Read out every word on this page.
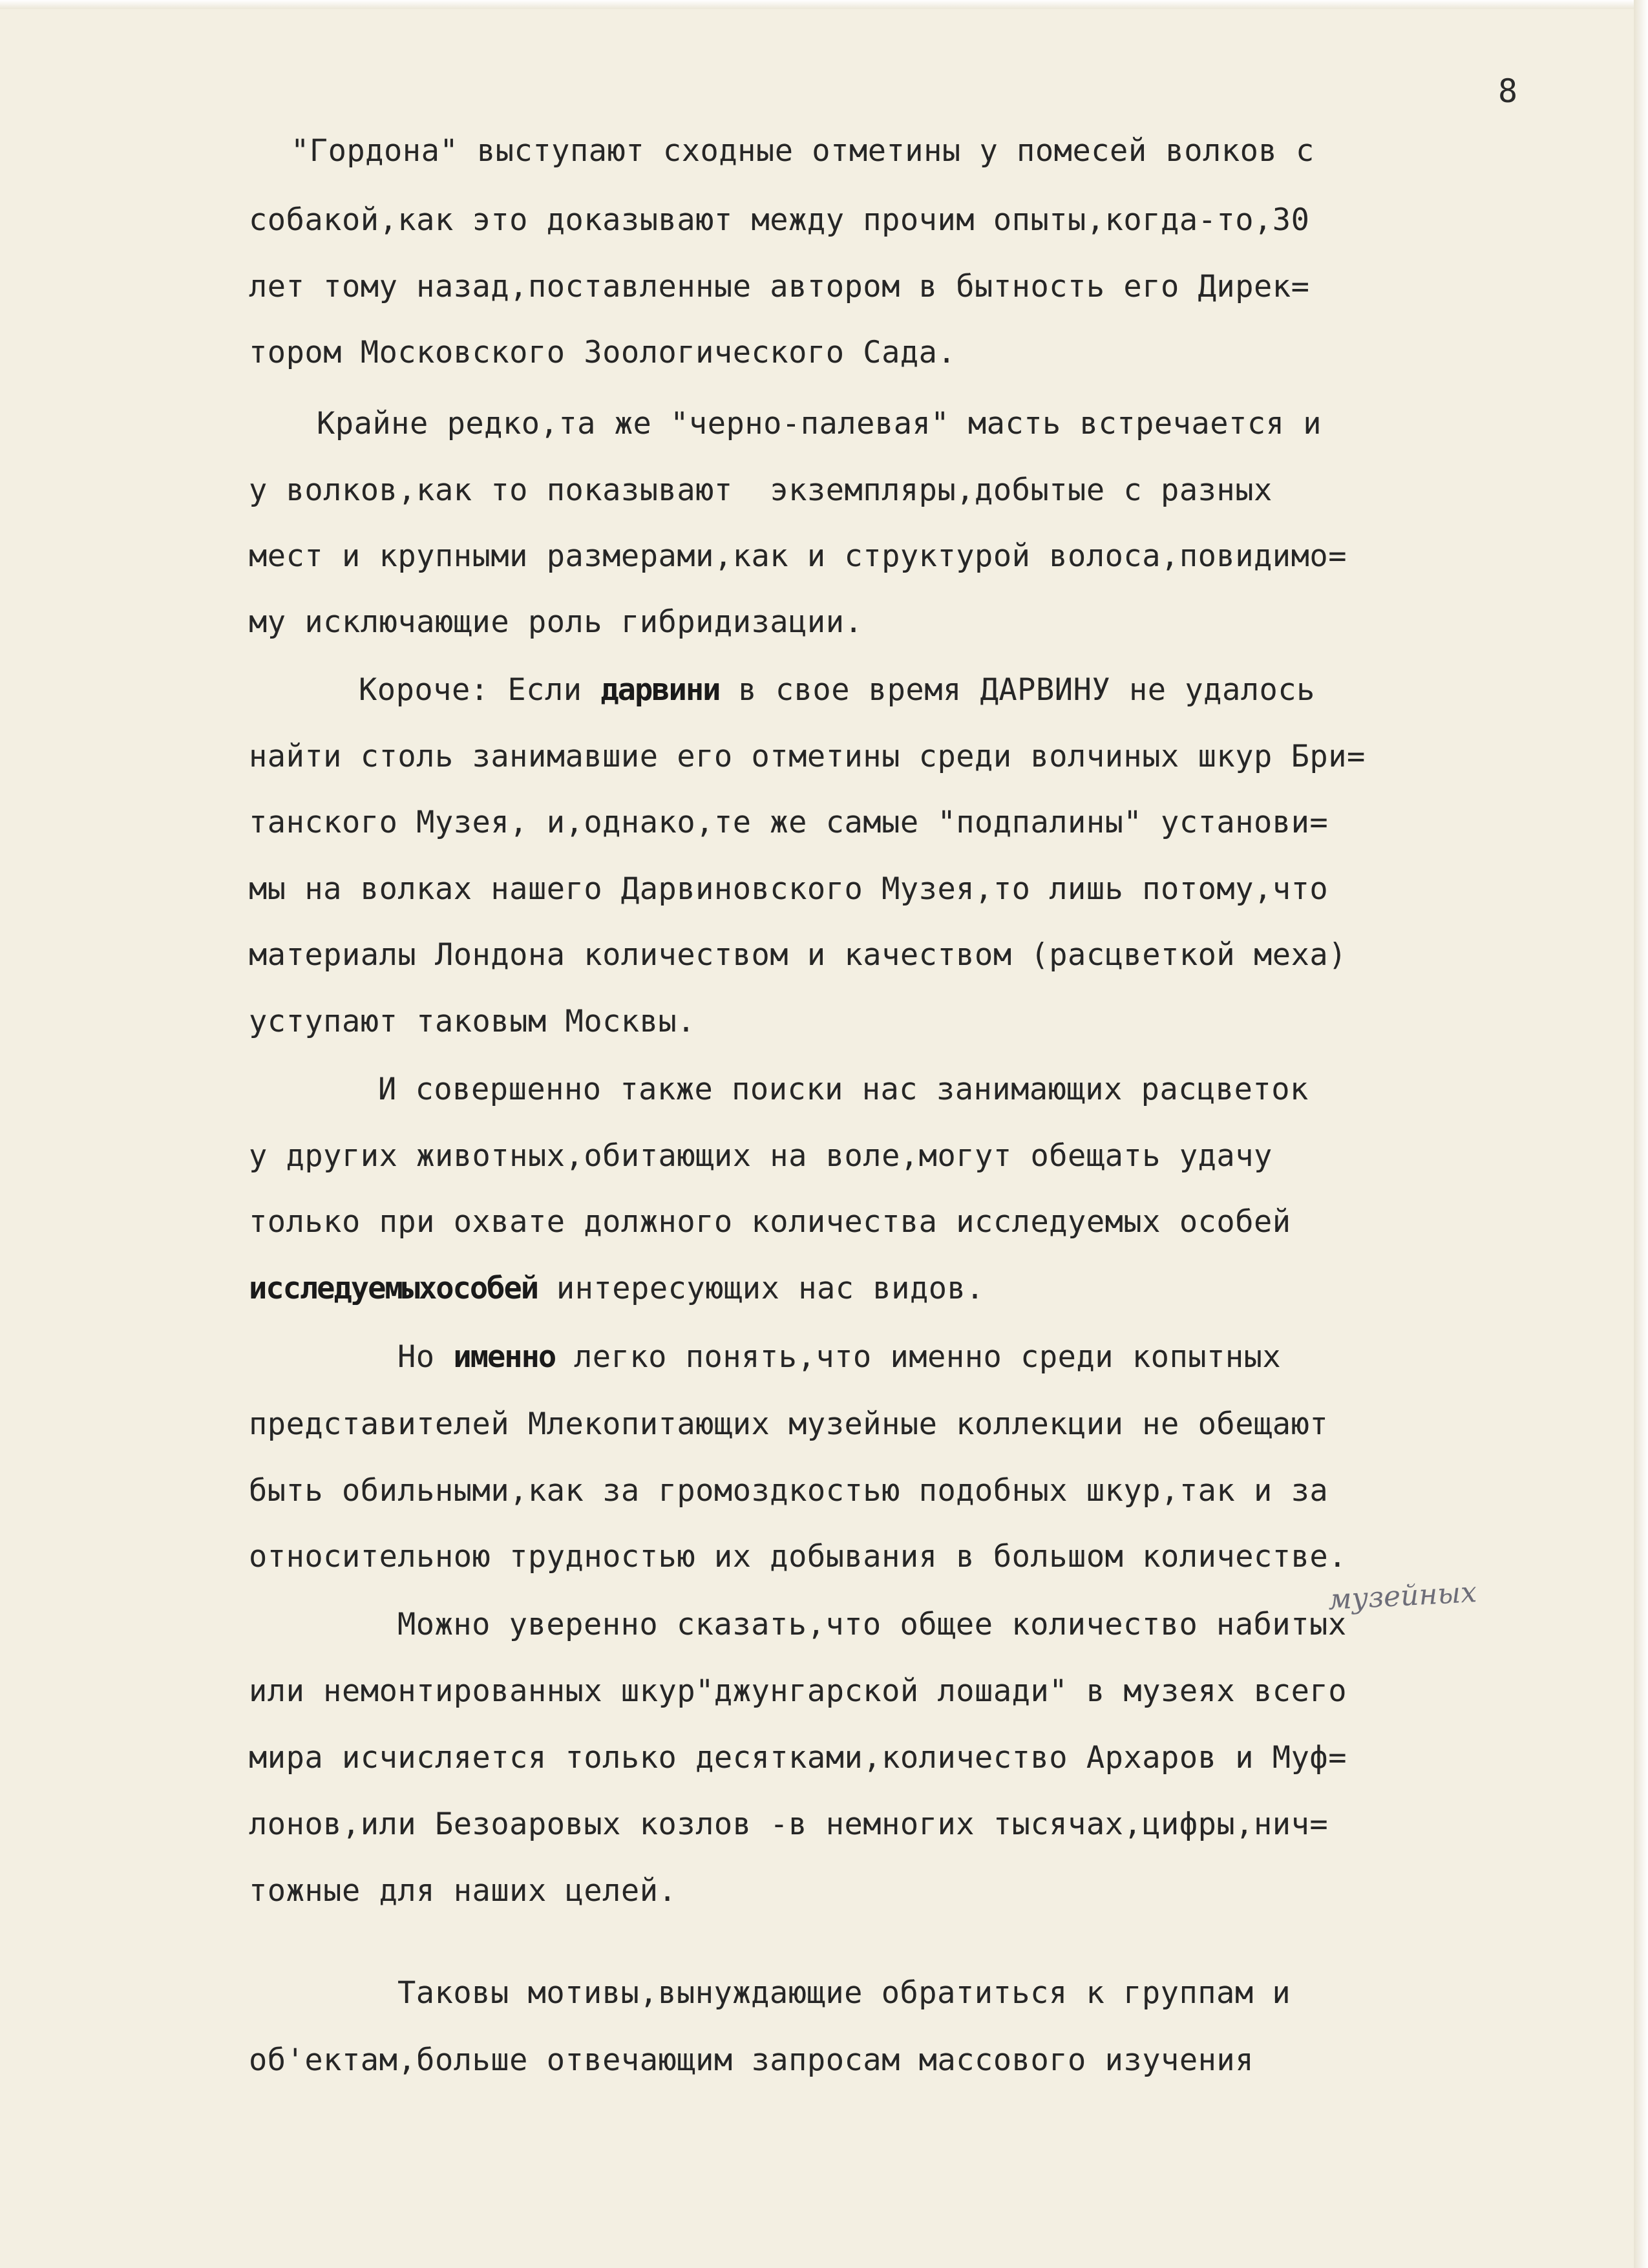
8
"Гордона" выступают сходные отметины у помесей волков с
собакой,как это доказывают между прочим опыты,когда-то,30
лет тому назад,поставленные автором в бытность его Дирек=
тором Московского Зоологического Сада.
Крайне редко,та же "черно-палевая" масть встречается и
у волков,как то показывают  экземпляры,добытые с разных
мест и крупными размерами,как и структурой волоса,повидимо=
му исключающие роль гибридизации.
Короче: Если дарвини в свое время ДАРВИНУ не удалось
найти столь занимавшие его отметины среди волчиных шкур Бри=
танского Музея, и,однако,те же самые "подпалины" установи=
мы на волках нашего Дарвиновского Музея,то лишь потому,что
материалы Лондона количеством и качеством (расцветкой меха)
уступают таковым Москвы.
И совершенно также поиски нас занимающих расцветок
у других животных,обитающих на воле,могут обещать удачу
только при охвате должного количества исследуемых особей
исследуемыхособей интересующих нас видов.
Но именно легко понять,что именно среди копытных
представителей Млекопитающих музейные коллекции не обещают
быть обильными,как за громоздкостью подобных шкур,так и за
относительною трудностью их добывания в большом количестве.
музейных
Можно уверенно сказать,что общее количество набитых
или немонтированных шкур"джунгарской лошади" в музеях всего
мира исчисляется только десятками,количество Архаров и Муф=
лонов,или Безоаровых козлов -в немногих тысячах,цифры,нич=
тожные для наших целей.
Таковы мотивы,вынуждающие обратиться к группам и
об'ектам,больше отвечающим запросам массового изучения
